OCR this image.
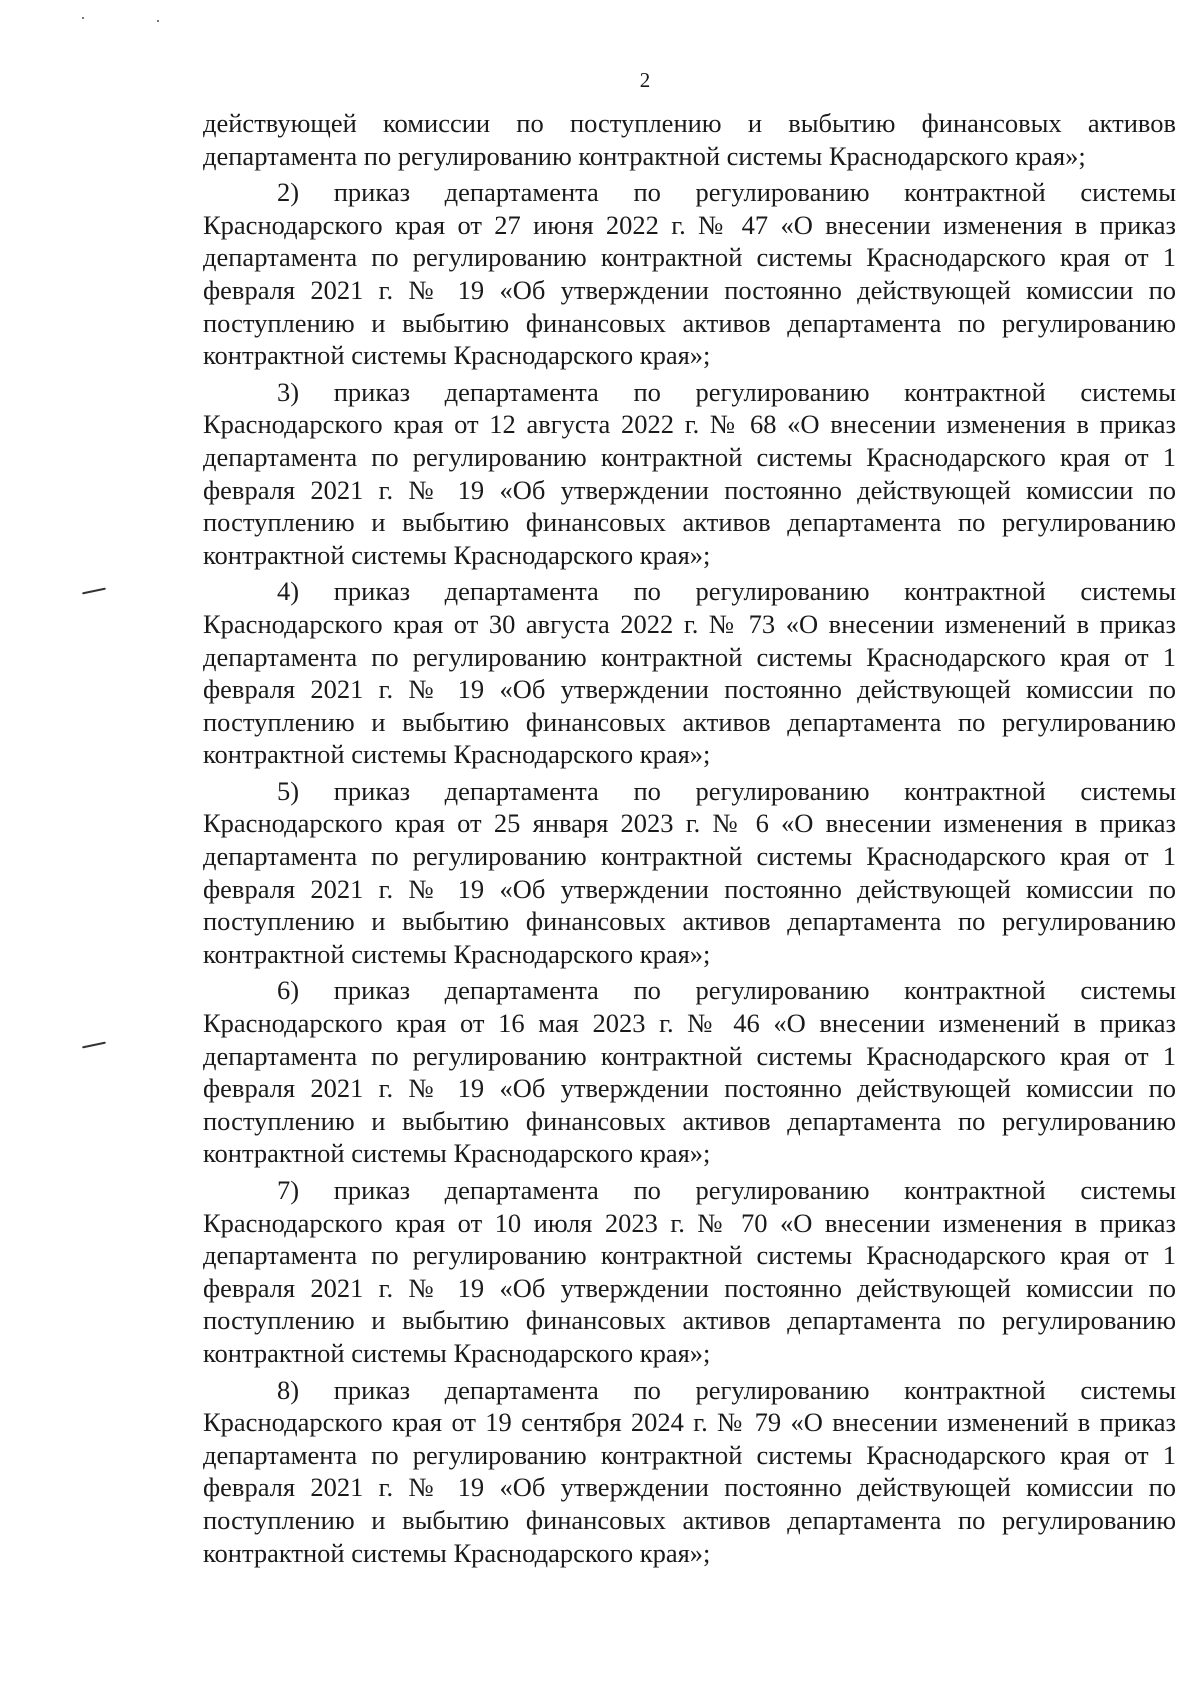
2

действующей комиссии по поступлению и выбытию финансовых активов департамента по регулированию контрактной системы Краснодарского края»;

2) приказ департамента по регулированию контрактной системы Краснодарского края от 27 июня 2022 г. № 47 «О внесении изменения в приказ департамента по регулированию контрактной системы Краснодарского края от 1 февраля 2021 г. № 19 «Об утверждении постоянно действующей комиссии по поступлению и выбытию финансовых активов департамента по регулированию контрактной системы Краснодарского края»;

3) приказ департамента по регулированию контрактной системы Краснодарского края от 12 августа 2022 г. № 68 «О внесении изменения в приказ департамента по регулированию контрактной системы Краснодарского края от 1 февраля 2021 г. № 19 «Об утверждении постоянно действующей комиссии по поступлению и выбытию финансовых активов департамента по регулированию контрактной системы Краснодарского края»;

4) приказ департамента по регулированию контрактной системы Краснодарского края от 30 августа 2022 г. № 73 «О внесении изменений в приказ департамента по регулированию контрактной системы Краснодарского края от 1 февраля 2021 г. № 19 «Об утверждении постоянно действующей комиссии по поступлению и выбытию финансовых активов департамента по регулированию контрактной системы Краснодарского края»;

5) приказ департамента по регулированию контрактной системы Краснодарского края от 25 января 2023 г. № 6 «О внесении изменения в приказ департамента по регулированию контрактной системы Краснодарского края от 1 февраля 2021 г. № 19 «Об утверждении постоянно действующей комиссии по поступлению и выбытию финансовых активов департамента по регулированию контрактной системы Краснодарского края»;

6) приказ департамента по регулированию контрактной системы Краснодарского края от 16 мая 2023 г. № 46 «О внесении изменений в приказ департамента по регулированию контрактной системы Краснодарского края от 1 февраля 2021 г. № 19 «Об утверждении постоянно действующей комиссии по поступлению и выбытию финансовых активов департамента по регулированию контрактной системы Краснодарского края»;

7) приказ департамента по регулированию контрактной системы Краснодарского края от 10 июля 2023 г. № 70 «О внесении изменения в приказ департамента по регулированию контрактной системы Краснодарского края от 1 февраля 2021 г. № 19 «Об утверждении постоянно действующей комиссии по поступлению и выбытию финансовых активов департамента по регулированию контрактной системы Краснодарского края»;

8) приказ департамента по регулированию контрактной системы Краснодарского края от 19 сентября 2024 г. № 79 «О внесении изменений в приказ департамента по регулированию контрактной системы Краснодарского края от 1 февраля 2021 г. № 19 «Об утверждении постоянно действующей комиссии по поступлению и выбытию финансовых активов департамента по регулированию контрактной системы Краснодарского края»;
